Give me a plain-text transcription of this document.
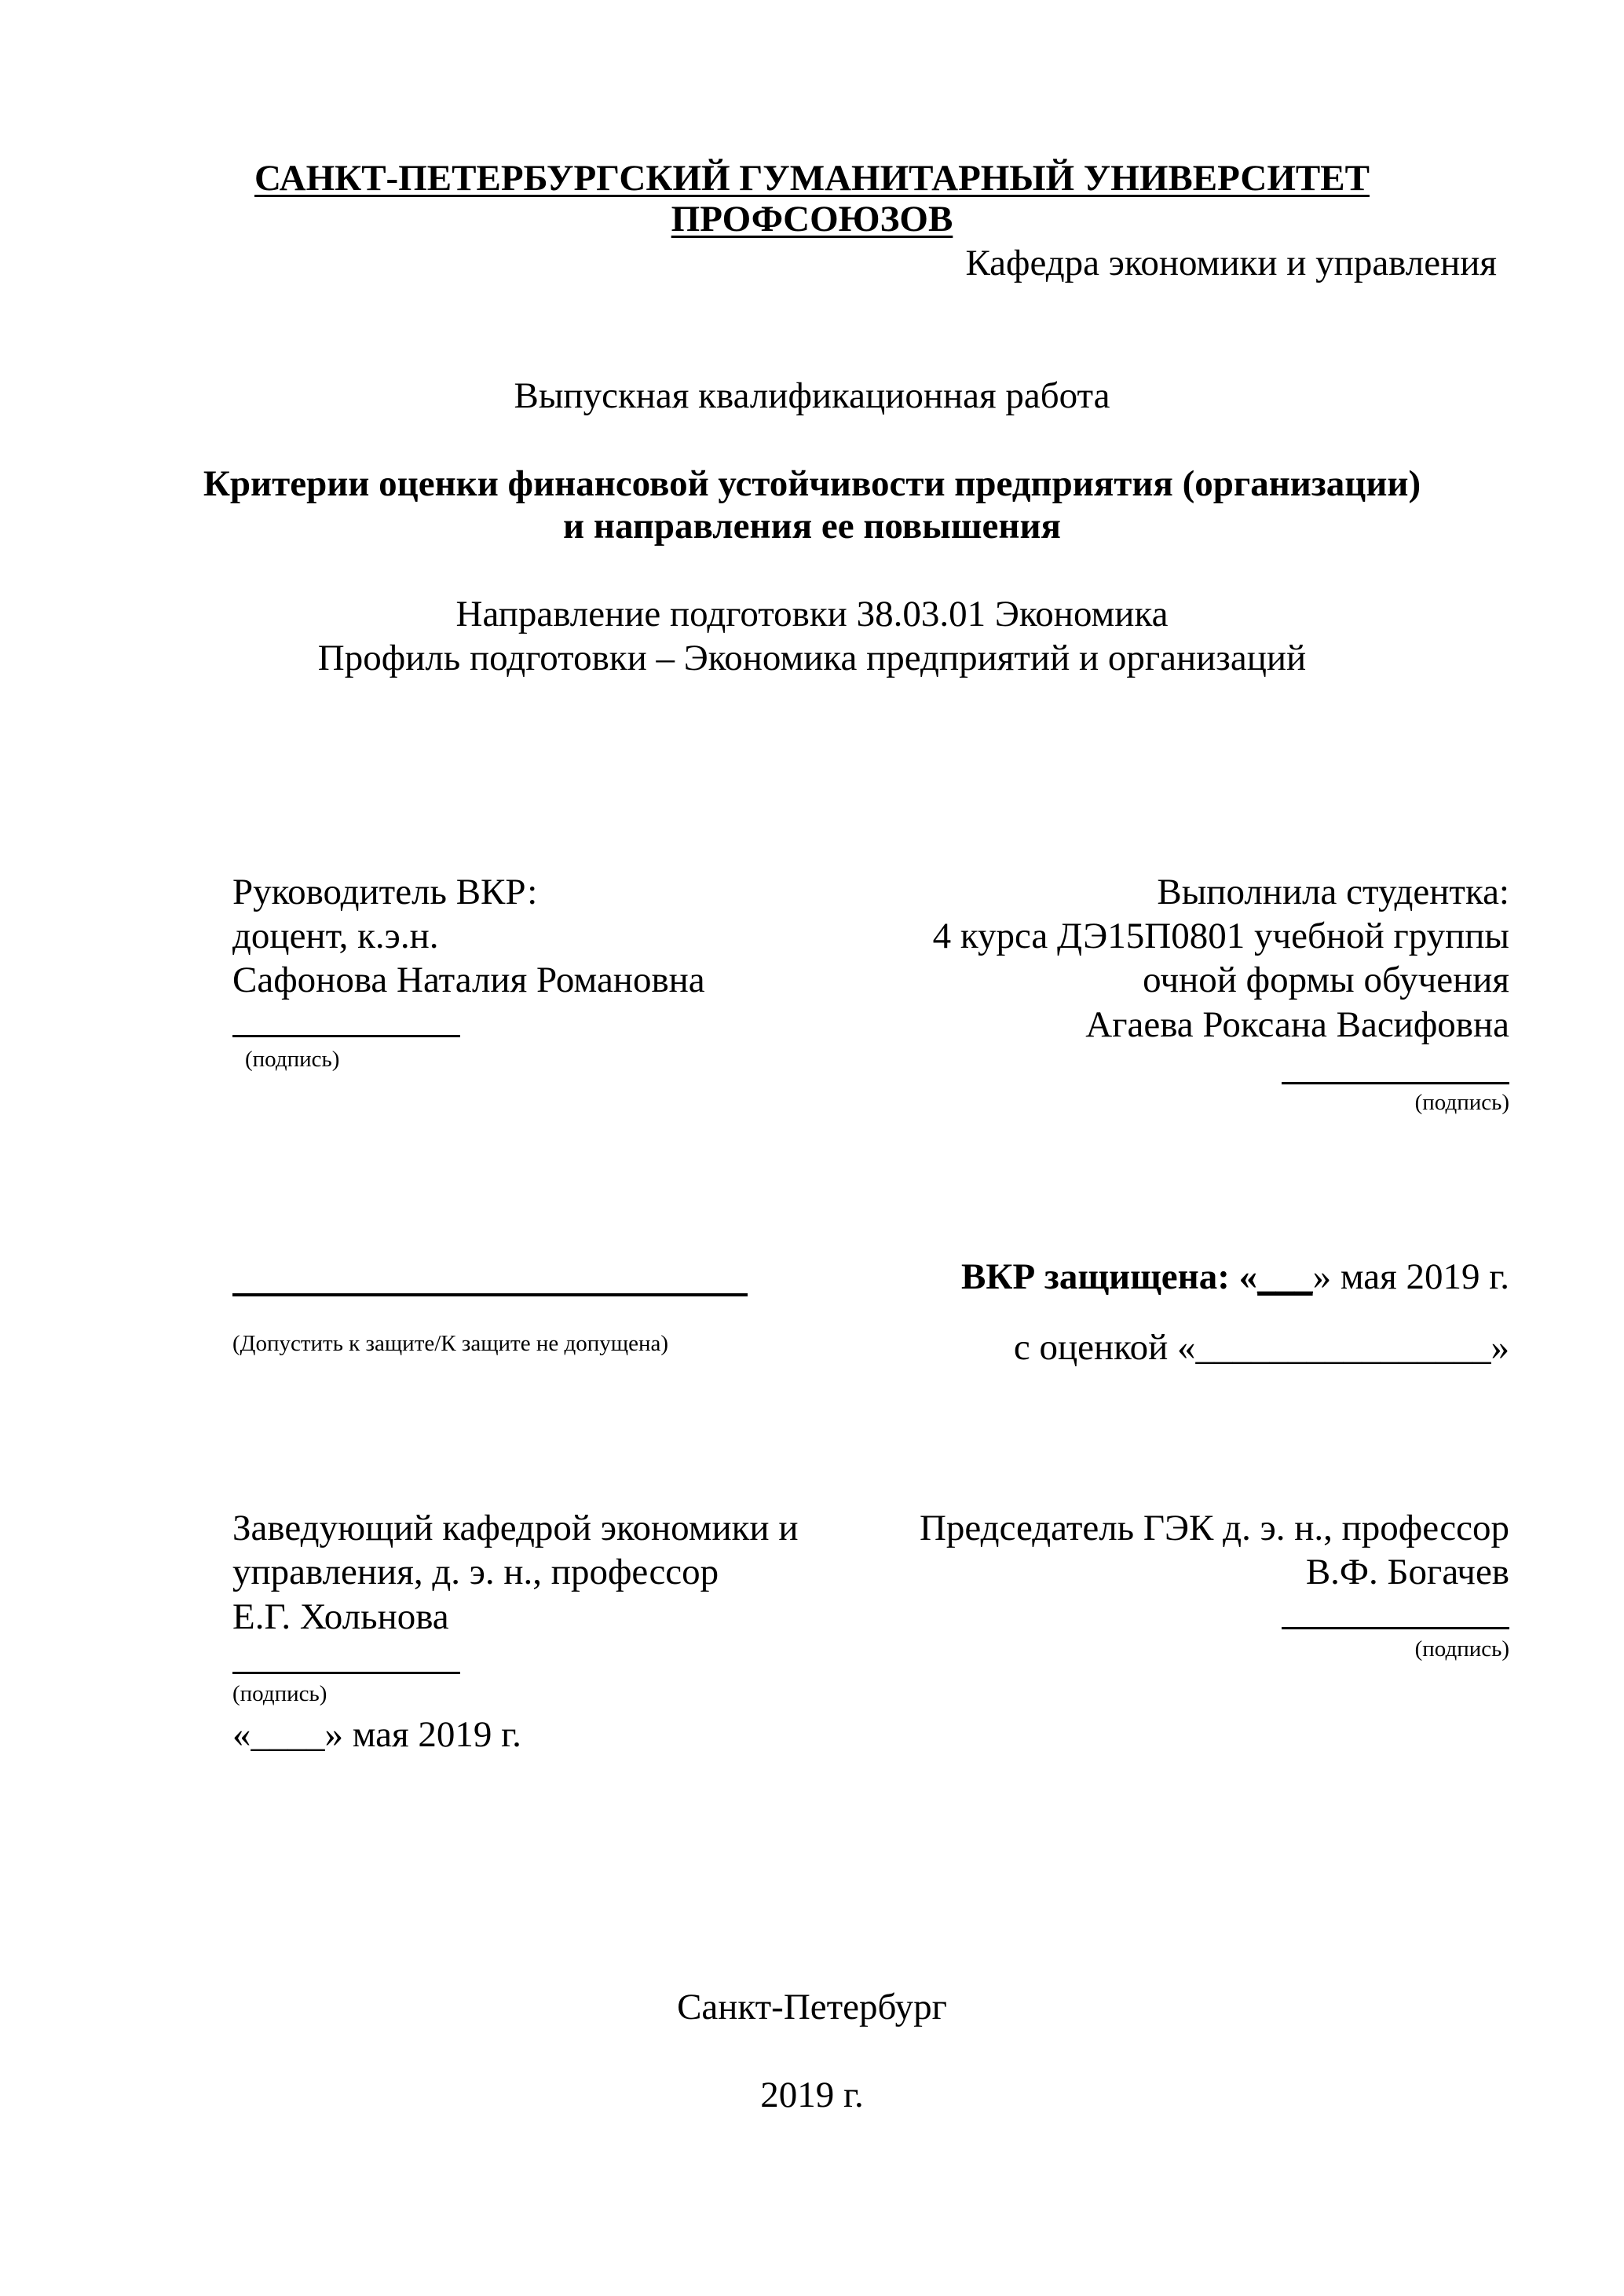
САНКТ-ПЕТЕРБУРГСКИЙ ГУМАНИТАРНЫЙ УНИВЕРСИТЕТ
ПРОФСОЮЗОВ
Кафедра экономики и управления
Выпускная квалификационная работа
Критерии оценки финансовой устойчивости предприятия (организации)
и направления ее повышения
Направление подготовки 38.03.01 Экономика
Профиль подготовки – Экономика предприятий и организаций
Руководитель ВКР:
доцент, к.э.н.
Сафонова Наталия Романовна
(подпись)
Выполнила студентка:
4 курса ДЭ15П0801 учебной группы
очной формы обучения
Агаева Роксана Васифовна
(подпись)
(Допустить к защите/К защите не допущена)
ВКР защищена: «___» мая 2019 г.
с оценкой «________________»
Заведующий кафедрой экономики и
управления, д. э. н., профессор
Е.Г. Хольнова
(подпись)
«____» мая 2019 г.
Председатель ГЭК д. э. н., профессор
В.Ф. Богачев
(подпись)
Санкт-Петербург
2019 г.
